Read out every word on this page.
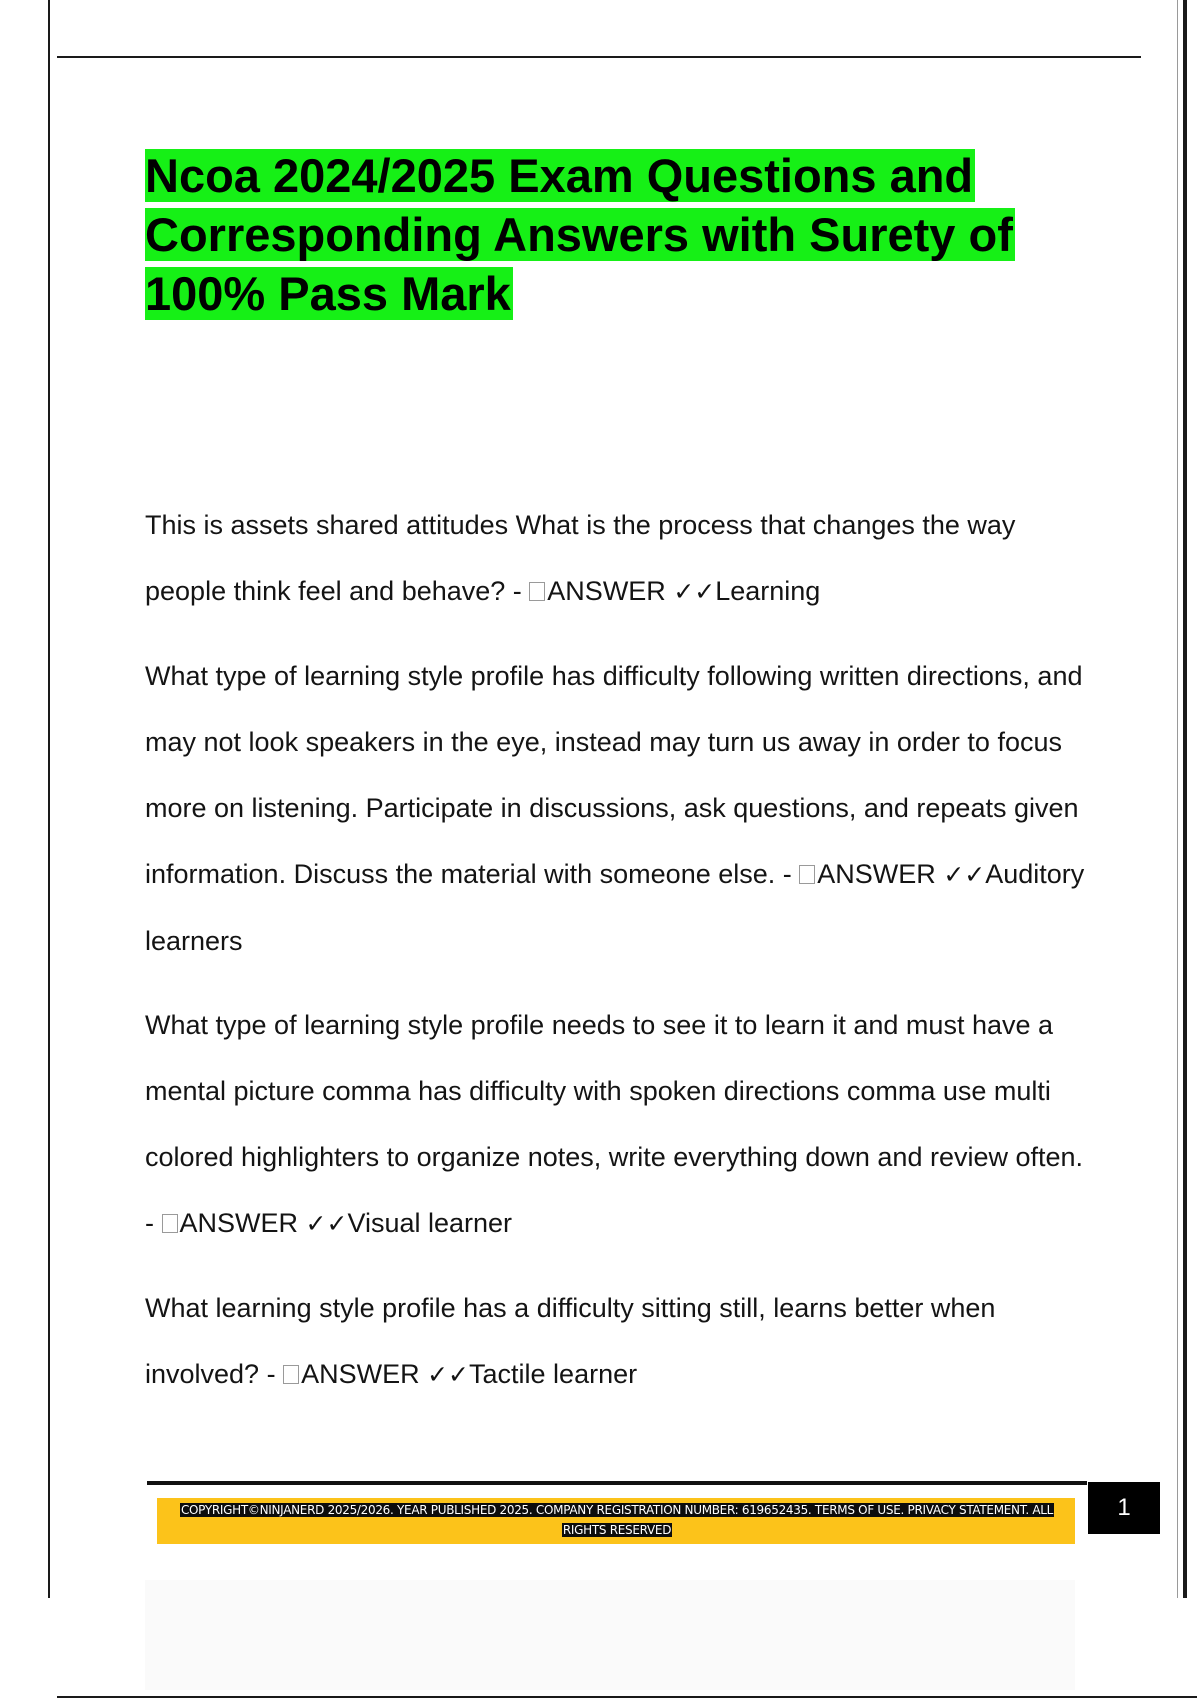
Ncoa 2024/2025 Exam Questions and Corresponding Answers with Surety of 100% Pass Mark

This is assets shared attitudes What is the process that changes the way people think feel and behave? - ANSWER ✓✓Learning

What type of learning style profile has difficulty following written directions, and may not look speakers in the eye, instead may turn us away in order to focus more on listening. Participate in discussions, ask questions, and repeats given information. Discuss the material with someone else. - ANSWER ✓✓Auditory learners

What type of learning style profile needs to see it to learn it and must have a mental picture comma has difficulty with spoken directions comma use multi colored highlighters to organize notes, write everything down and review often. - ANSWER ✓✓Visual learner

What learning style profile has a difficulty sitting still, learns better when involved? - ANSWER ✓✓Tactile learner

COPYRIGHT©NINJANERD 2025/2026. YEAR PUBLISHED 2025. COMPANY REGISTRATION NUMBER: 619652435. TERMS OF USE. PRIVACY STATEMENT. ALL RIGHTS RESERVED
1
